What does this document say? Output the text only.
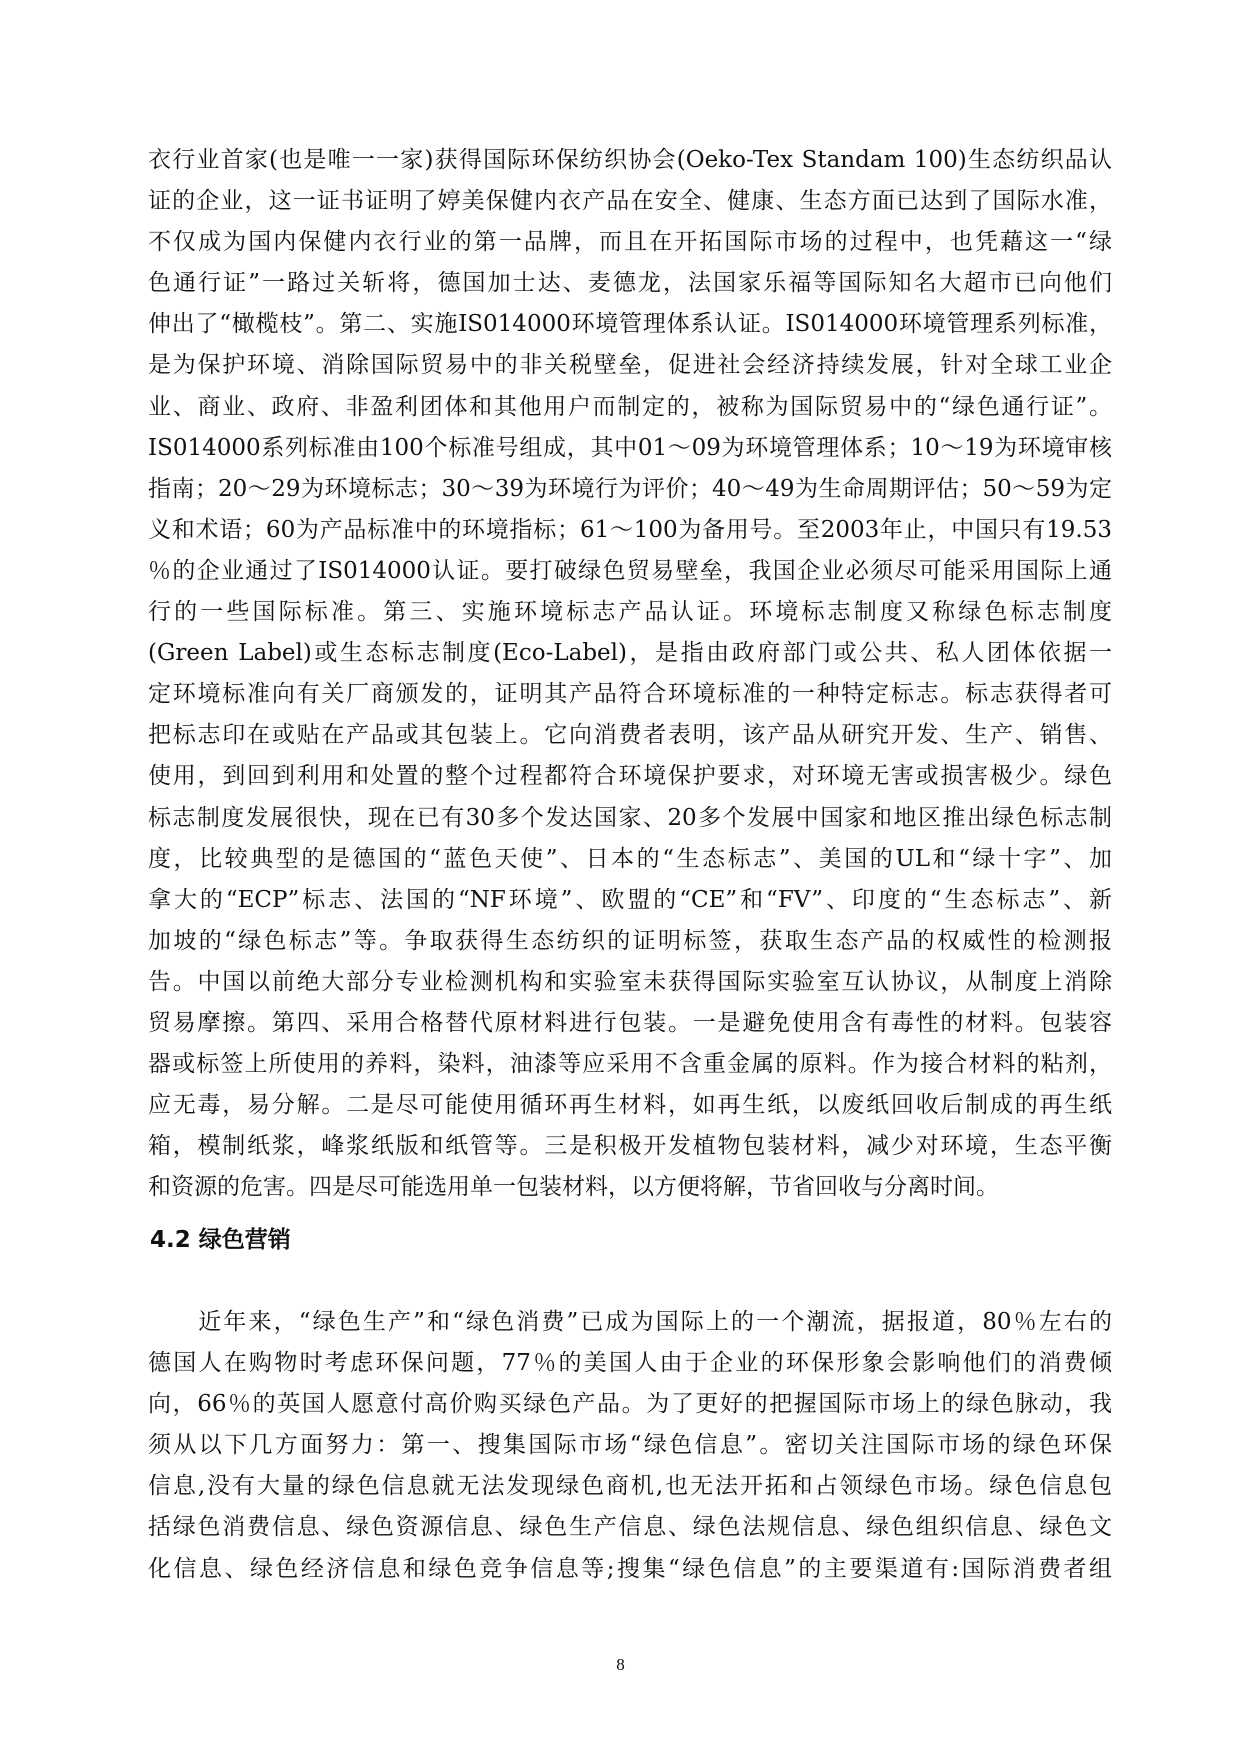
衣行业首家(也是唯一一家)获得国际环保纺织协会(Oeko-Tex Standam 100)生态纺织品认
证的企业，这一证书证明了婷美保健内衣产品在安全、健康、生态方面已达到了国际水准，
不仅成为国内保健内衣行业的第一品牌，而且在开拓国际市场的过程中，也凭藉这一“绿
色通行证”一路过关斩将，德国加士达、麦德龙，法国家乐福等国际知名大超市已向他们
伸出了“橄榄枝”。第二、实施IS014000环境管理体系认证。IS014000环境管理系列标准，
是为保护环境、消除国际贸易中的非关税壁垒，促进社会经济持续发展，针对全球工业企
业、商业、政府、非盈利团体和其他用户而制定的，被称为国际贸易中的“绿色通行证”。
IS014000系列标准由100个标准号组成，其中01～09为环境管理体系；10～19为环境审核
指南；20～29为环境标志；30～39为环境行为评价；40～49为生命周期评估；50～59为定
义和术语；60为产品标准中的环境指标；61～100为备用号。至2003年止，中国只有19.53
％的企业通过了IS014000认证。要打破绿色贸易壁垒，我国企业必须尽可能采用国际上通
行的一些国际标准。第三、实施环境标志产品认证。环境标志制度又称绿色标志制度
(Green Label)或生态标志制度(Eco-Label)，是指由政府部门或公共、私人团体依据一
定环境标准向有关厂商颁发的，证明其产品符合环境标准的一种特定标志。标志获得者可
把标志印在或贴在产品或其包装上。它向消费者表明，该产品从研究开发、生产、销售、
使用，到回到利用和处置的整个过程都符合环境保护要求，对环境无害或损害极少。绿色
标志制度发展很快，现在已有30多个发达国家、20多个发展中国家和地区推出绿色标志制
度，比较典型的是德国的“蓝色天使”、日本的“生态标志”、美国的UL和“绿十字”、加
拿大的“ECP”标志、法国的“NF环境”、欧盟的“CE”和“FV”、印度的“生态标志”、新
加坡的“绿色标志”等。争取获得生态纺织的证明标签，获取生态产品的权威性的检测报
告。中国以前绝大部分专业检测机构和实验室未获得国际实验室互认协议，从制度上消除
贸易摩擦。第四、采用合格替代原材料进行包装。一是避免使用含有毒性的材料。包装容
器或标签上所使用的养料，染料，油漆等应采用不含重金属的原料。作为接合材料的粘剂，
应无毒，易分解。二是尽可能使用循环再生材料，如再生纸，以废纸回收后制成的再生纸
箱，模制纸浆，峰浆纸版和纸管等。三是积极开发植物包装材料，减少对环境，生态平衡
和资源的危害。四是尽可能选用单一包装材料，以方便将解，节省回收与分离时间。
4.2 绿色营销
　　近年来，“绿色生产”和“绿色消费”已成为国际上的一个潮流，据报道，80％左右的
德国人在购物时考虑环保问题，77％的美国人由于企业的环保形象会影响他们的消费倾
向，66％的英国人愿意付高价购买绿色产品。为了更好的把握国际市场上的绿色脉动，我
须从以下几方面努力：第一、搜集国际市场“绿色信息”。密切关注国际市场的绿色环保
信息,没有大量的绿色信息就无法发现绿色商机,也无法开拓和占领绿色市场。绿色信息包
括绿色消费信息、绿色资源信息、绿色生产信息、绿色法规信息、绿色组织信息、绿色文
化信息、绿色经济信息和绿色竞争信息等;搜集“绿色信息”的主要渠道有:国际消费者组
8
